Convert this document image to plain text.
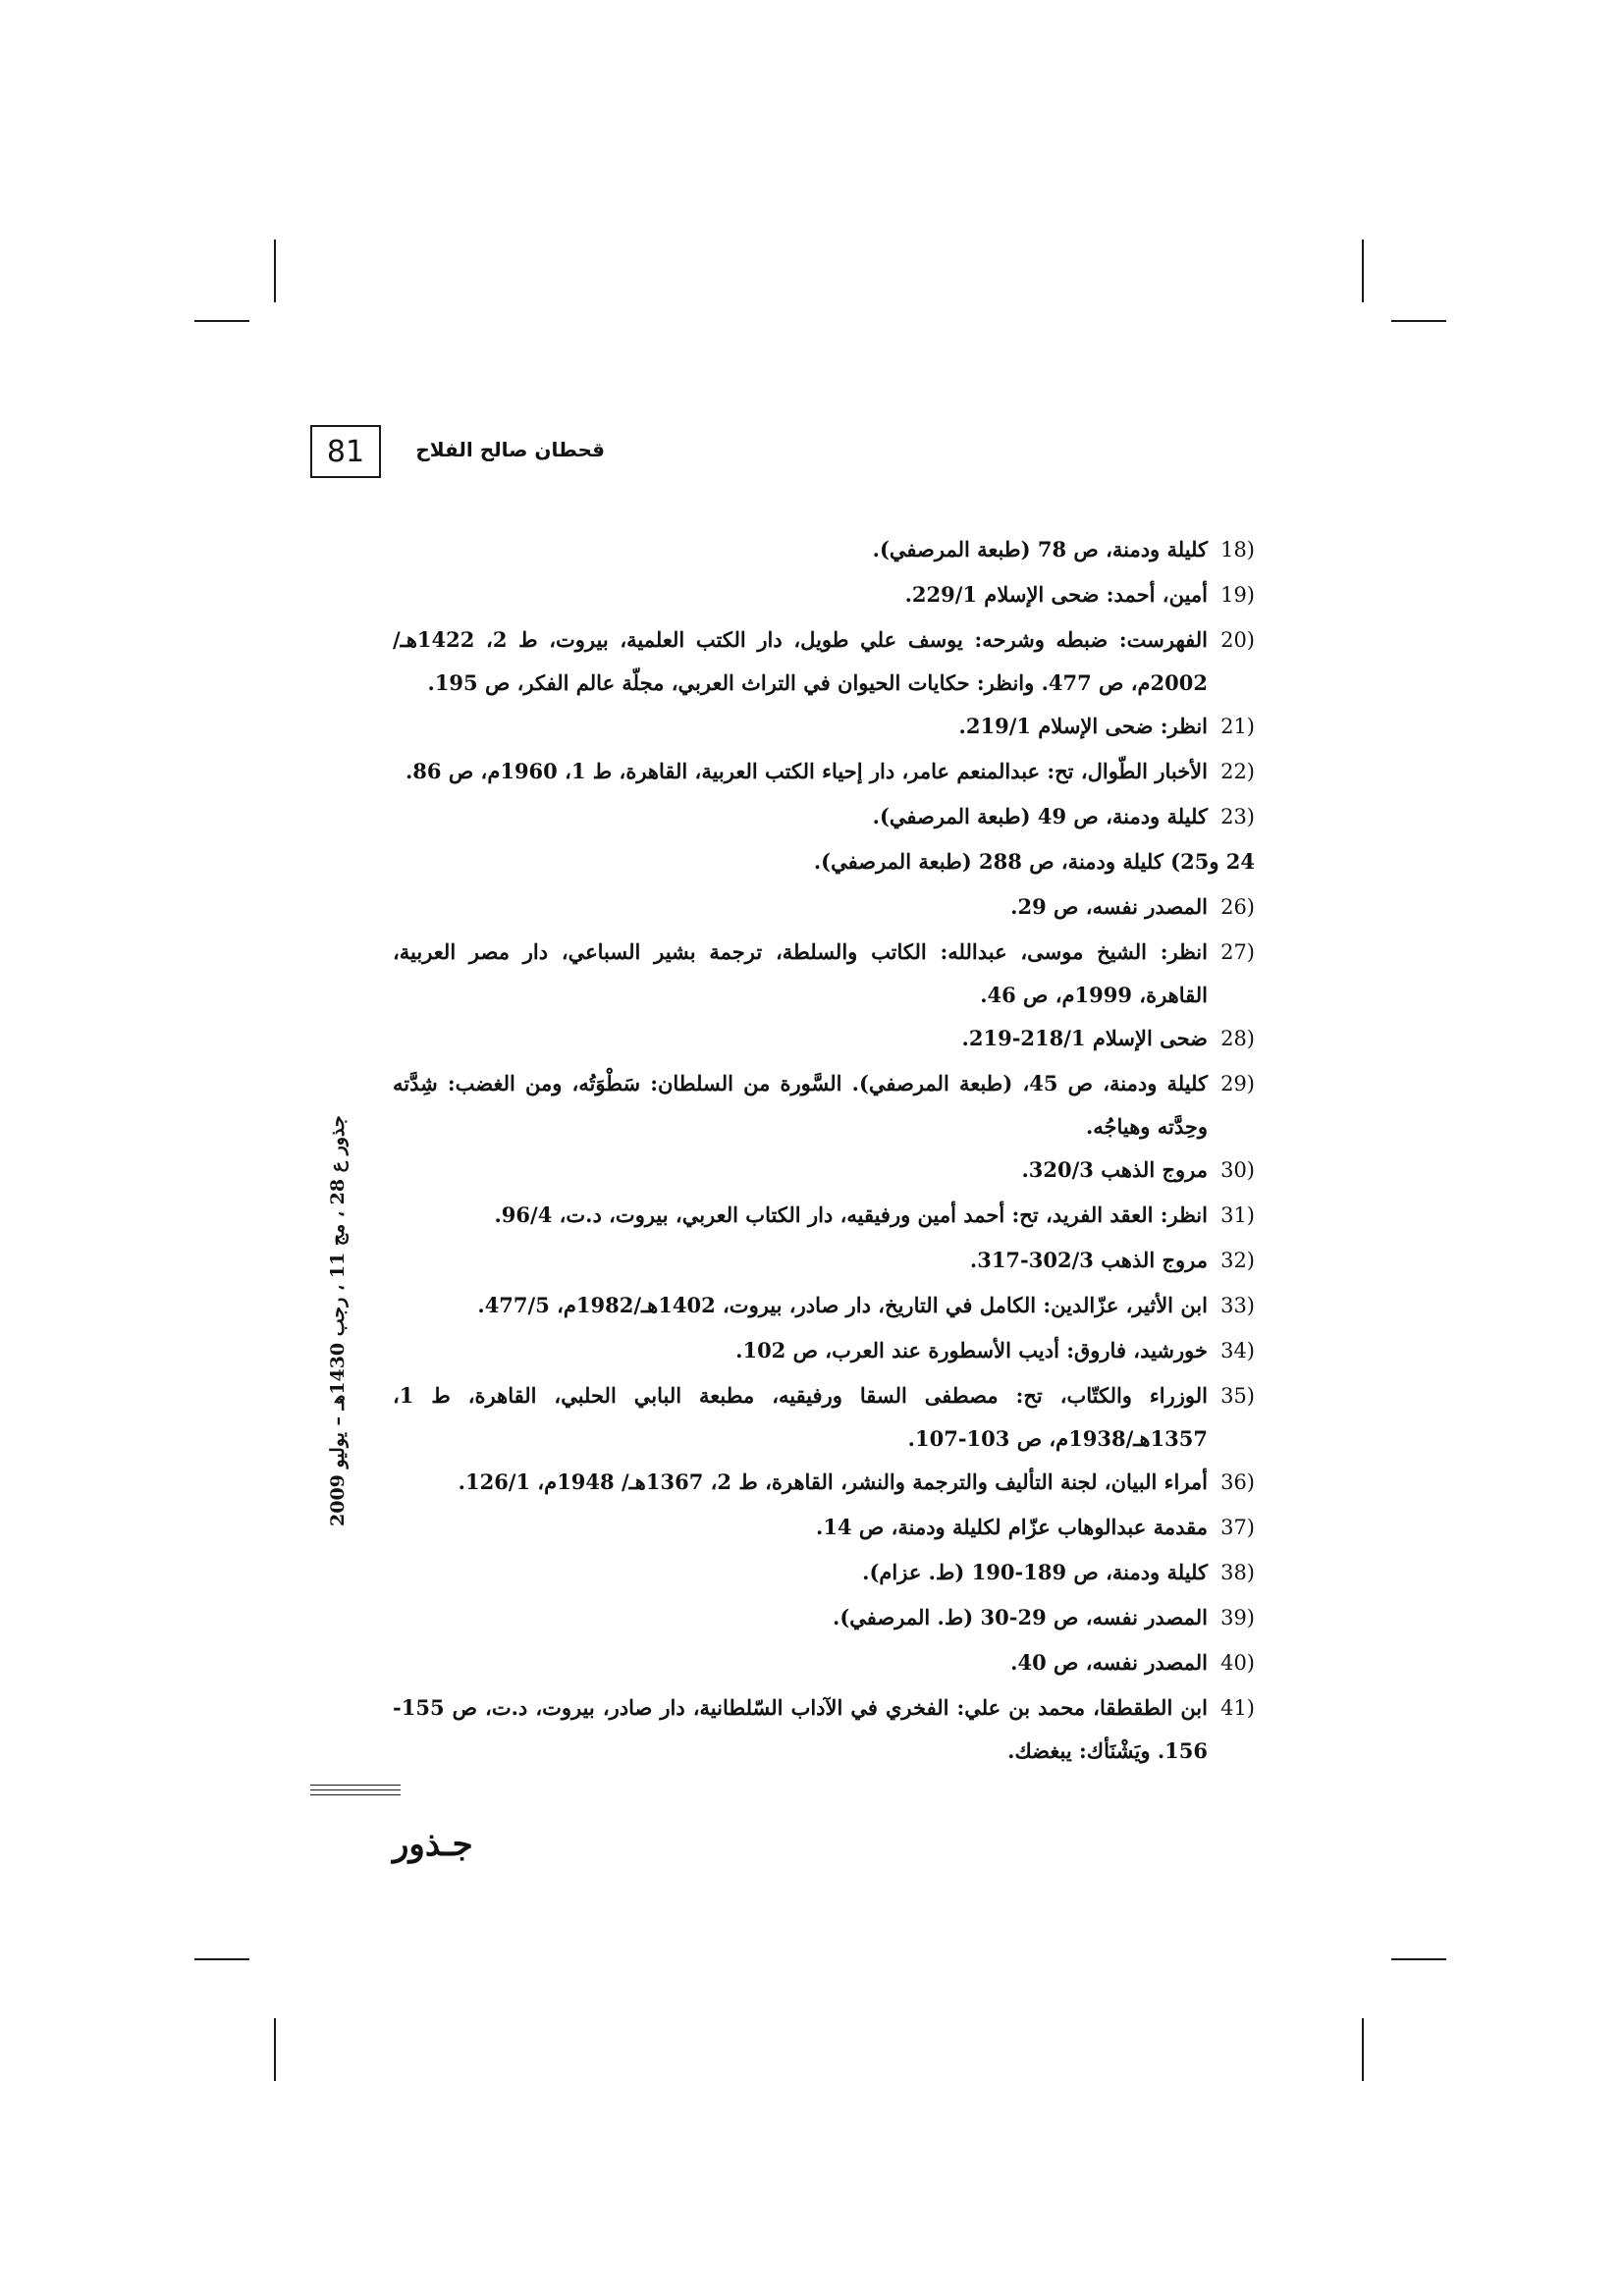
81	قحطان صالح الفلاح
18)
كليلة ودمنة، ص 78 (طبعة المرصفي).
19)
أمين، أحمد: ضحى الإسلام 229/1.
20)
الفهرست: ضبطه وشرحه: يوسف علي طويل، دار الكتب العلمية، بيروت، ط 2، 1422هـ/ 2002م، ص 477. وانظر: حكايات الحيوان في التراث العربي، مجلّة عالم الفكر، ص 195.
21)
انظر: ضحى الإسلام 219/1.
22)
الأخبار الطّوال، تح: عبدالمنعم عامر، دار إحياء الكتب العربية، القاهرة، ط 1، 1960م، ص 86.
23)
كليلة ودمنة، ص 49 (طبعة المرصفي).
24 و25) كليلة ودمنة، ص 288 (طبعة المرصفي).
26)
المصدر نفسه، ص 29.
27)
انظر: الشيخ موسى، عبدالله: الكاتب والسلطة، ترجمة بشير السباعي، دار مصر العربية، القاهرة، 1999م، ص 46.
28)
ضحى الإسلام 218/1-219.
29)
كليلة ودمنة، ص 45، (طبعة المرصفي). السَّورة من السلطان: سَطْوَتُه، ومن الغضب: شِدَّته وحِدَّته وهياجُه.
30)
مروج الذهب 320/3.
31)
انظر: العقد الفريد، تح: أحمد أمين ورفيقيه، دار الكتاب العربي، بيروت، د.ت، 96/4.
32)
مروج الذهب 302/3-317.
33)
ابن الأثير، عزّالدين: الكامل في التاريخ، دار صادر، بيروت، 1402هـ/1982م، 477/5.
34)
خورشيد، فاروق: أديب الأسطورة عند العرب، ص 102.
35)
الوزراء والكتّاب، تح: مصطفى السقا ورفيقيه، مطبعة البابي الحلبي، القاهرة، ط 1، 1357هـ/1938م، ص 103-107.
36)
أمراء البيان، لجنة التأليف والترجمة والنشر، القاهرة، ط 2، 1367هـ/ 1948م، 126/1.
37)
مقدمة عبدالوهاب عزّام لكليلة ودمنة، ص 14.
38)
كليلة ودمنة، ص 189-190 (ط. عزام).
39)
المصدر نفسه، ص 29-30 (ط. المرصفي).
40)
المصدر نفسه، ص 40.
41)
ابن الطقطقا، محمد بن علي: الفخري في الآداب السّلطانية، دار صادر، بيروت، د.ت، ص 155-156. ويَشْنَأك: يبغضك.
جذور ع 28 ، مج 11 ، رجب 1430هـ – يوليو 2009
جـذور
